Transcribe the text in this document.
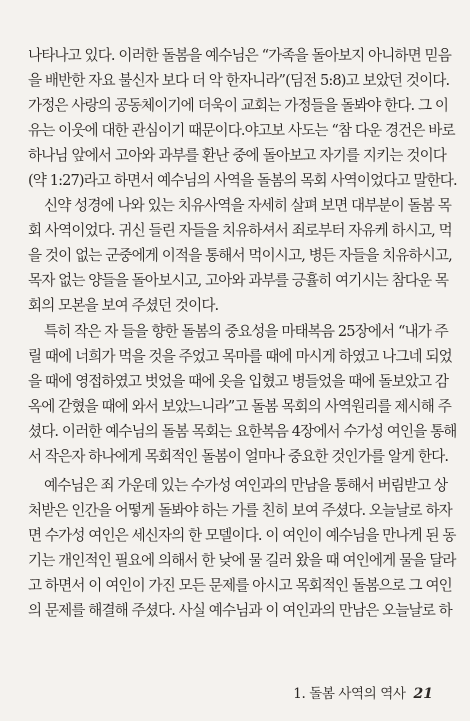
나타나고 있다. 이러한 돌봄을 예수님은 “가족을 돌아보지 아니하면 믿음
을 배반한 자요 불신자 보다 더 악 한자니라”(딤전 5:8)고 보았던 것이다.
가정은 사랑의 공동체이기에 더욱이 교회는 가정들을 돌봐야 한다. 그 이
유는 이웃에 대한 관심이기 때문이다.야고보 사도는 “참 다운 경건은 바로
하나님 앞에서 고아와 과부를 환난 중에 돌아보고 자기를 지키는 것이다
(약 1:27)라고 하면서 예수님의 사역을 돌봄의 목회 사역이었다고 말한다.
신약 성경에 나와 있는 치유사역을 자세히 살펴 보면 대부분이 돌봄 목
회 사역이었다. 귀신 들린 자들을 치유하셔서 죄로부터 자유케 하시고, 먹
을 것이 없는 군중에게 이적을 통해서 먹이시고, 병든 자들을 치유하시고,
목자 없는 양들을 돌아보시고, 고아와 과부를 긍휼히 여기시는 참다운 목
회의 모본을 보여 주셨던 것이다.
특히 작은 자 들을 향한 돌봄의 중요성을 마태복음 25장에서 “내가 주
릴 때에 너희가 먹을 것을 주었고 목마를 때에 마시게 하였고 나그네 되었
을 때에 영접하였고 벗었을 때에 옷을 입혔고 병들었을 때에 돌보았고 감
옥에 갇혔을 때에 와서 보았느니라”고 돌봄 목회의 사역원리를 제시해 주
셨다. 이러한 예수님의 돌봄 목회는 요한복음 4장에서 수가성 여인을 통해
서 작은자 하나에게 목회적인 돌봄이 얼마나 중요한 것인가를 알게 한다.
예수님은 죄 가운데 있는 수가성 여인과의 만남을 통해서 버림받고 상
처받은 인간을 어떻게 돌봐야 하는 가를 친히 보여 주셨다. 오늘날로 하자
면 수가성 여인은 세신자의 한 모델이다. 이 여인이 예수님을 만나게 된 동
기는 개인적인 필요에 의해서 한 낮에 물 길러 왔을 때 여인에게 물을 달라
고 하면서 이 여인이 가진 모든 문제를 아시고 목회적인 돌봄으로 그 여인
의 문제를 해결해 주셨다. 사실 예수님과 이 여인과의 만남은 오늘날로 하
1. 돌봄 사역의 역사 21
